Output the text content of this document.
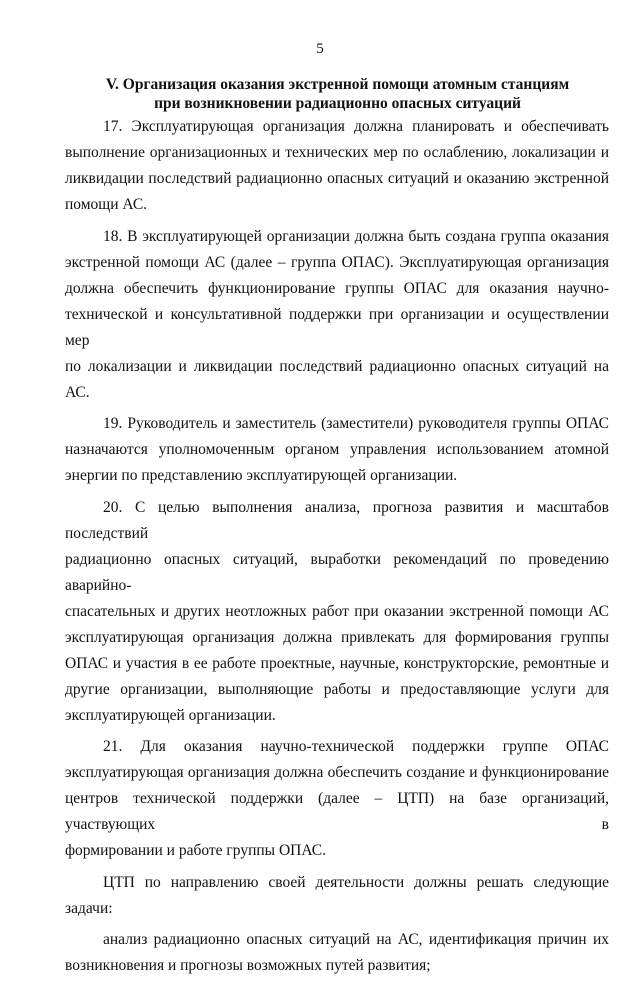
5
V. Организация оказания экстренной помощи атомным станциям
при возникновении радиационно опасных ситуаций
17. Эксплуатирующая организация должна планировать и обеспечивать
выполнение организационных и технических мер по ослаблению, локализации и
ликвидации последствий радиационно опасных ситуаций и оказанию экстренной
помощи АС.
18. В эксплуатирующей организации должна быть создана группа оказания
экстренной помощи АС (далее – группа ОПАС). Эксплуатирующая организация
должна обеспечить функционирование группы ОПАС для оказания научно-
технической и консультативной поддержки при организации и осуществлении мер
по локализации и ликвидации последствий радиационно опасных ситуаций на АС.
19. Руководитель и заместитель (заместители) руководителя группы ОПАС
назначаются уполномоченным органом управления использованием атомной
энергии по представлению эксплуатирующей организации.
20. С целью выполнения анализа, прогноза развития и масштабов последствий
радиационно опасных ситуаций, выработки рекомендаций по проведению аварийно-
спасательных и других неотложных работ при оказании экстренной помощи АС
эксплуатирующая организация должна привлекать для формирования группы
ОПАС и участия в ее работе проектные, научные, конструкторские, ремонтные и
другие организации, выполняющие работы и предоставляющие услуги для
эксплуатирующей организации.
21. Для оказания научно-технической поддержки группе ОПАС
эксплуатирующая организация должна обеспечить создание и функционирование
центров технической поддержки (далее – ЦТП) на базе организаций, участвующих в
формировании и работе группы ОПАС.
ЦТП по направлению своей деятельности должны решать следующие задачи:
анализ радиационно опасных ситуаций на АС, идентификация причин их
возникновения и прогнозы возможных путей развития;
